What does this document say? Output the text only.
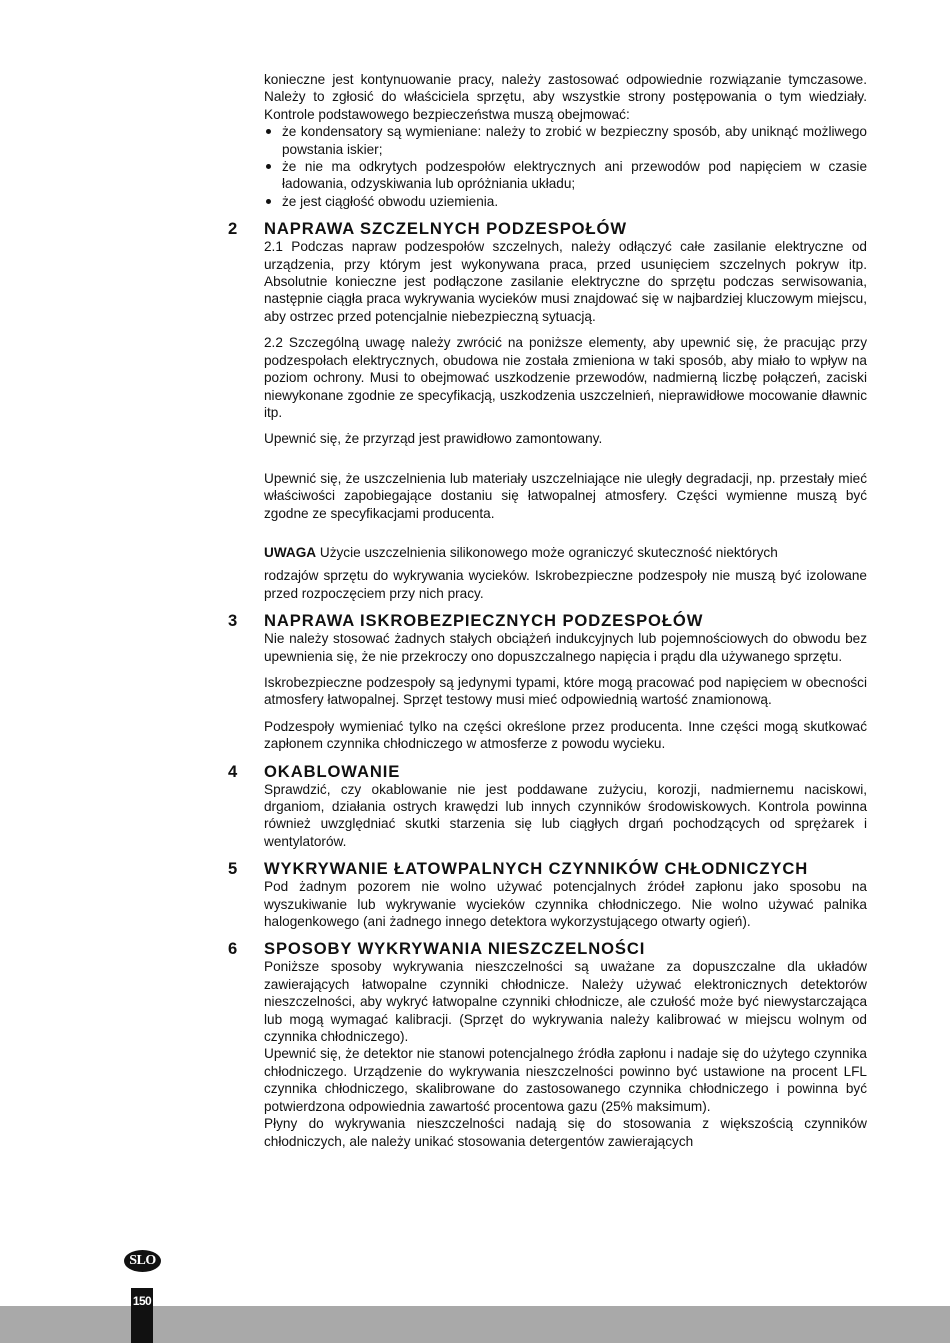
konieczne jest kontynuowanie pracy, należy zastosować odpowiednie rozwiązanie tymczasowe. Należy to zgłosić do właściciela sprzętu, aby wszystkie strony postępowania o tym wiedziały. Kontrole podstawowego bezpieczeństwa muszą obejmować:

że kondensatory są wymieniane: należy to zrobić w bezpieczny sposób, aby uniknąć możliwego powstania iskier;
że nie ma odkrytych podzespołów elektrycznych ani przewodów pod napięciem w czasie ładowania, odzyskiwania lub opróżniania układu;
że jest ciągłość obwodu uziemienia.
2 NAPRAWA SZCZELNYCH PODZESPOŁÓW

2.1 Podczas napraw podzespołów szczelnych, należy odłączyć całe zasilanie elektryczne od urządzenia, przy którym jest wykonywana praca, przed usunięciem szczelnych pokryw itp. Absolutnie konieczne jest podłączone zasilanie elektryczne do sprzętu podczas serwisowania, następnie ciągła praca wykrywania wycieków musi znajdować się w najbardziej kluczowym miejscu, aby ostrzec przed potencjalnie niebezpieczną sytuacją.

2.2 Szczególną uwagę należy zwrócić na poniższe elementy, aby upewnić się, że pracując przy podzespołach elektrycznych, obudowa nie została zmieniona w taki sposób, aby miało to wpływ na poziom ochrony. Musi to obejmować uszkodzenie przewodów, nadmierną liczbę połączeń, zaciski niewykonane zgodnie ze specyfikacją, uszkodzenia uszczelnień, nieprawidłowe mocowanie dławnic itp.

Upewnić się, że przyrząd jest prawidłowo zamontowany.

Upewnić się, że uszczelnienia lub materiały uszczelniające nie uległy degradacji, np. przestały mieć właściwości zapobiegające dostaniu się łatwopalnej atmosfery. Części wymienne muszą być zgodne ze specyfikacjami producenta.

UWAGA Użycie uszczelnienia silikonowego może ograniczyć skuteczność niektórych

rodzajów sprzętu do wykrywania wycieków. Iskrobezpieczne podzespoły nie muszą być izolowane przed rozpoczęciem przy nich pracy.

3 NAPRAWA ISKROBEZPIECZNYCH PODZESPOŁÓW

Nie należy stosować żadnych stałych obciążeń indukcyjnych lub pojemnościowych do obwodu bez upewnienia się, że nie przekroczy ono dopuszczalnego napięcia i prądu dla używanego sprzętu.

Iskrobezpieczne podzespoły są jedynymi typami, które mogą pracować pod napięciem w obecności atmosfery łatwopalnej. Sprzęt testowy musi mieć odpowiednią wartość znamionową.

Podzespoły wymieniać tylko na części określone przez producenta. Inne części mogą skutkować zapłonem czynnika chłodniczego w atmosferze z powodu wycieku.

4 OKABLOWANIE

Sprawdzić, czy okablowanie nie jest poddawane zużyciu, korozji, nadmiernemu naciskowi, drganiom, działania ostrych krawędzi lub innych czynników środowiskowych. Kontrola powinna również uwzględniać skutki starzenia się lub ciągłych drgań pochodzących od sprężarek i wentylatorów.

5 WYKRYWANIE ŁATOWPALNYCH CZYNNIKÓW CHŁODNICZYCH

Pod żadnym pozorem nie wolno używać potencjalnych źródeł zapłonu jako sposobu na wyszukiwanie lub wykrywanie wycieków czynnika chłodniczego. Nie wolno używać palnika halogenkowego (ani żadnego innego detektora wykorzystującego otwarty ogień).

6 SPOSOBY WYKRYWANIA NIESZCZELNOŚCI

Poniższe sposoby wykrywania nieszczelności są uważane za dopuszczalne dla układów zawierających łatwopalne czynniki chłodnicze. Należy używać elektronicznych detektorów nieszczelności, aby wykryć łatwopalne czynniki chłodnicze, ale czułość może być niewystarczająca lub mogą wymagać kalibracji. (Sprzęt do wykrywania należy kalibrować w miejscu wolnym od czynnika chłodniczego).

Upewnić się, że detektor nie stanowi potencjalnego źródła zapłonu i nadaje się do użytego czynnika chłodniczego. Urządzenie do wykrywania nieszczelności powinno być ustawione na procent LFL czynnika chłodniczego, skalibrowane do zastosowanego czynnika chłodniczego i powinna być potwierdzona odpowiednia zawartość procentowa gazu (25% maksimum).

Płyny do wykrywania nieszczelności nadają się do stosowania z większością czynników chłodniczych, ale należy unikać stosowania detergentów zawierających

SLO
150
